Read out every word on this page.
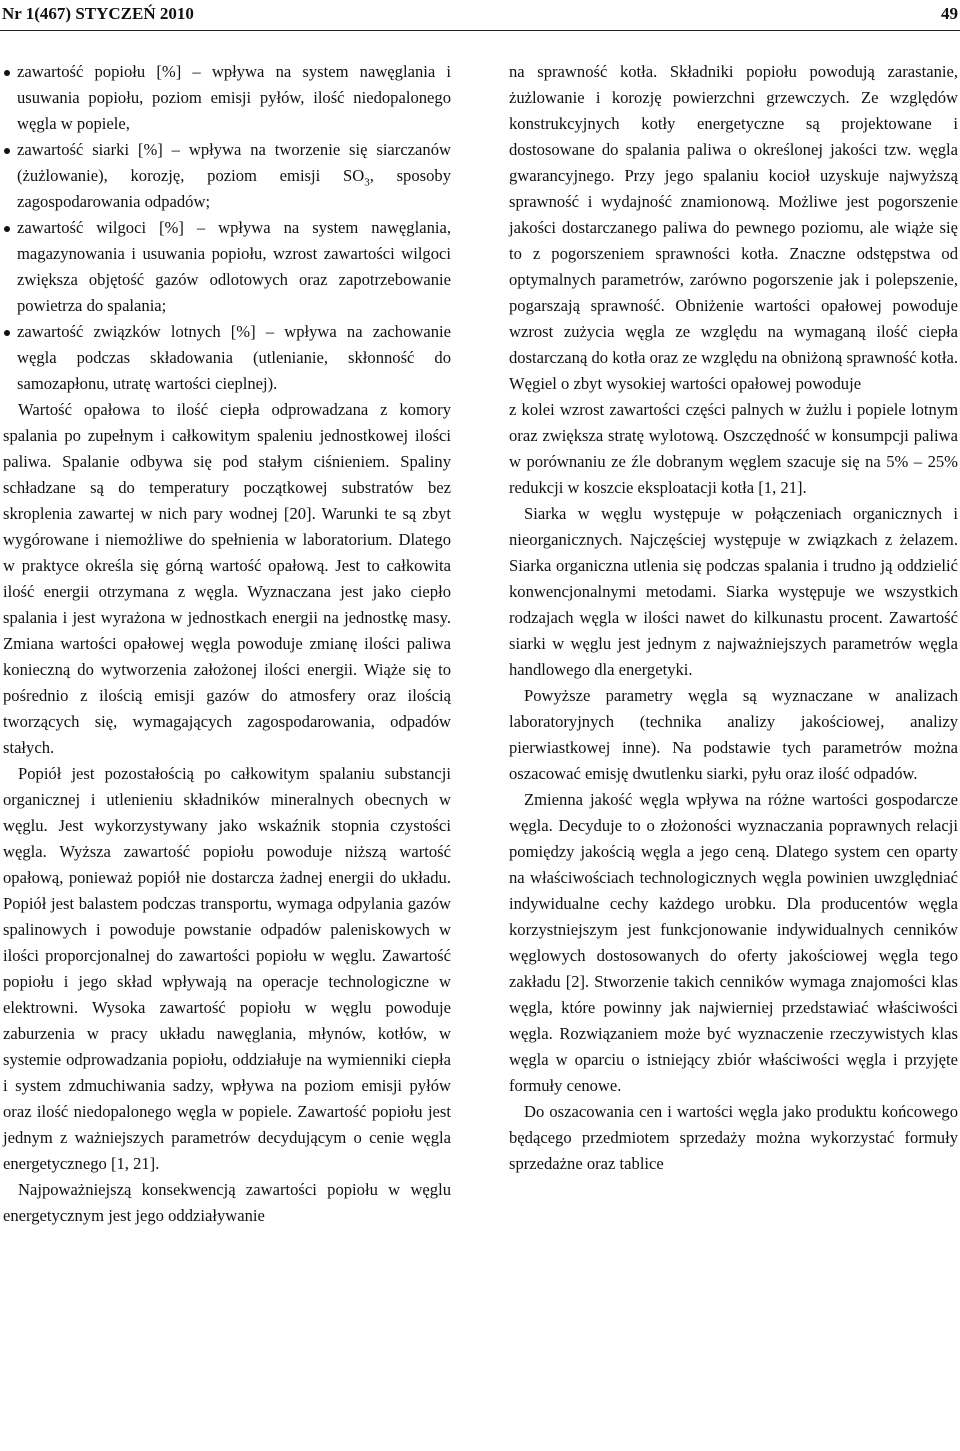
Nr 1(467) STYCZEŃ 2010	49
zawartość popiołu [%] – wpływa na system nawęglania i usuwania popiołu, poziom emisji pyłów, ilość niedopalonego węgla w popiele,
zawartość siarki [%] – wpływa na tworzenie się siarczanów (żużlowanie), korozję, poziom emisji $SO_3$, sposoby zagospodarowania odpadów;
zawartość wilgoci [%] – wpływa na system nawęglania, magazynowania i usuwania popiołu, wzrost zawartości wilgoci zwiększa objętość gazów odlotowych oraz zapotrzebowanie powietrza do spalania;
zawartość związków lotnych [%] – wpływa na zachowanie węgla podczas składowania (utlenianie, skłonność do samozapłonu, utratę wartości cieplnej).

Wartość opałowa to ilość ciepła odprowadzana z komory spalania po zupełnym i całkowitym spaleniu jednostkowej ilości paliwa. Spalanie odbywa się pod stałym ciśnieniem. Spaliny schładzane są do temperatury początkowej substratów bez skroplenia zawartej w nich pary wodnej [20]. Warunki te są zbyt wygórowane i niemożliwe do spełnienia w laboratorium. Dlatego w praktyce określa się górną wartość opałową. Jest to całkowita ilość energii otrzymana z węgla. Wyznaczana jest jako ciepło spalania i jest wyrażona w jednostkach energii na jednostkę masy. Zmiana wartości opałowej węgla powoduje zmianę ilości paliwa konieczną do wytworzenia założonej ilości energii. Wiąże się to pośrednio z ilością emisji gazów do atmosfery oraz ilością tworzących się, wymagających zagospodarowania, odpadów stałych.

Popiół jest pozostałością po całkowitym spalaniu substancji organicznej i utlenieniu składników mineralnych obecnych w węglu. Jest wykorzystywany jako wskaźnik stopnia czystości węgla. Wyższa zawartość popiołu powoduje niższą wartość opałową, ponieważ popiół nie dostarcza żadnej energii do układu. Popiół jest balastem podczas transportu, wymaga odpylania gazów spalinowych i powoduje powstanie odpadów paleniskowych w ilości proporcjonalnej do zawartości popiołu w węglu. Zawartość popiołu i jego skład wpływają na operacje technologiczne w elektrowni. Wysoka zawartość popiołu w węglu powoduje zaburzenia w pracy układu nawęglania, młynów, kotłów, w systemie odprowadzania popiołu, oddziałuje na wymienniki ciepła i system zdmuchiwania sadzy, wpływa na poziom emisji pyłów oraz ilość niedopalonego węgla w popiele. Zawartość popiołu jest jednym z ważniejszych parametrów decydującym o cenie węgla energetycznego [1, 21].

Najpoważniejszą konsekwencją zawartości popiołu w węglu energetycznym jest jego oddziaływanie

na sprawność kotła. Składniki popiołu powodują zarastanie, żużlowanie i korozję powierzchni grzewczych. Ze względów konstrukcyjnych kotły energetyczne są projektowane i dostosowane do spalania paliwa o określonej jakości tzw. węgla gwarancyjnego. Przy jego spalaniu kocioł uzyskuje najwyższą sprawność i wydajność znamionową. Możliwe jest pogorszenie jakości dostarczanego paliwa do pewnego poziomu, ale wiąże się to z pogorszeniem sprawności kotła. Znaczne odstępstwa od optymalnych parametrów, zarówno pogorszenie jak i polepszenie, pogarszają sprawność. Obniżenie wartości opałowej powoduje wzrost zużycia węgla ze względu na wymaganą ilość ciepła dostarczaną do kotła oraz ze względu na obniżoną sprawność kotła. Węgiel o zbyt wysokiej wartości opałowej powoduje

z kolei wzrost zawartości części palnych w żużlu i popiele lotnym oraz zwiększa stratę wylotową. Oszczędność w konsumpcji paliwa w porównaniu ze źle dobranym węglem szacuje się na 5% – 25% redukcji w koszcie eksploatacji kotła [1, 21].

Siarka w węglu występuje w połączeniach organicznych i nieorganicznych. Najczęściej występuje w związkach z żelazem. Siarka organiczna utlenia się podczas spalania i trudno ją oddzielić konwencjonalnymi metodami. Siarka występuje we wszystkich rodzajach węgla w ilości nawet do kilkunastu procent. Zawartość siarki w węglu jest jednym z najważniejszych parametrów węgla handlowego dla energetyki.

Powyższe parametry węgla są wyznaczane w analizach laboratoryjnych (technika analizy jakościowej, analizy pierwiastkowej inne). Na podstawie tych parametrów można oszacować emisję dwutlenku siarki, pyłu oraz ilość odpadów.

Zmienna jakość węgla wpływa na różne wartości gospodarcze węgla. Decyduje to o złożoności wyznaczania poprawnych relacji pomiędzy jakością węgla a jego ceną. Dlatego system cen oparty na właściwościach technologicznych węgla powinien uwzględniać indywidualne cechy każdego urobku. Dla producentów węgla korzystniejszym jest funkcjonowanie indywidualnych cenników węglowych dostosowanych do oferty jakościowej węgla tego zakładu [2]. Stworzenie takich cenników wymaga znajomości klas węgla, które powinny jak najwierniej przedstawiać właściwości węgla. Rozwiązaniem może być wyznaczenie rzeczywistych klas węgla w oparciu o istniejący zbiór właściwości węgla i przyjęte formuły cenowe.

Do oszacowania cen i wartości węgla jako produktu końcowego będącego przedmiotem sprzedaży można wykorzystać formuły sprzedażne oraz tablice
